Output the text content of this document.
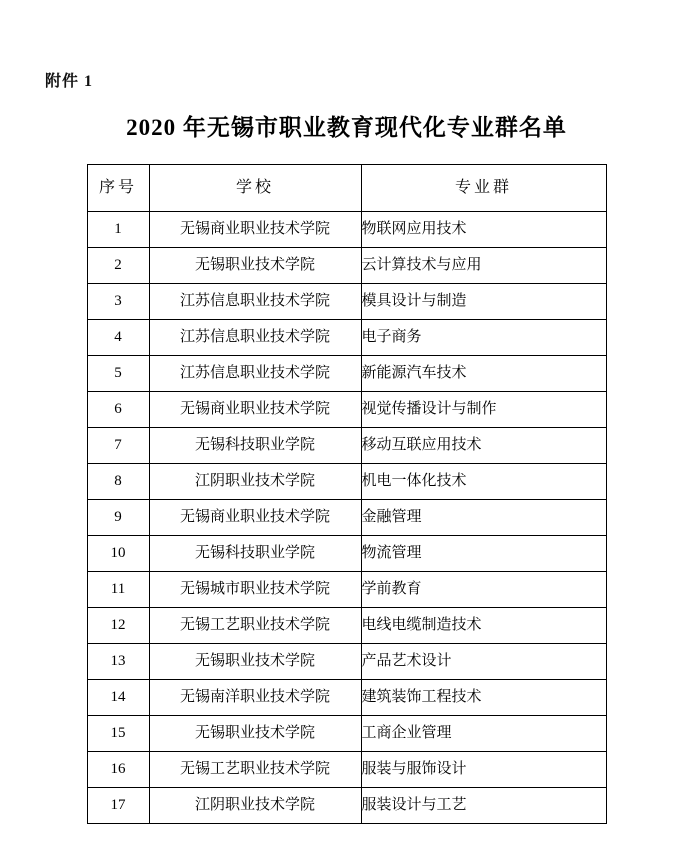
附件 1
2020 年无锡市职业教育现代化专业群名单
序号	学校	专业群
1	无锡商业职业技术学院	物联网应用技术
2	无锡职业技术学院	云计算技术与应用
3	江苏信息职业技术学院	模具设计与制造
4	江苏信息职业技术学院	电子商务
5	江苏信息职业技术学院	新能源汽车技术
6	无锡商业职业技术学院	视觉传播设计与制作
7	无锡科技职业学院	移动互联应用技术
8	江阴职业技术学院	机电一体化技术
9	无锡商业职业技术学院	金融管理
10	无锡科技职业学院	物流管理
11	无锡城市职业技术学院	学前教育
12	无锡工艺职业技术学院	电线电缆制造技术
13	无锡职业技术学院	产品艺术设计
14	无锡南洋职业技术学院	建筑装饰工程技术
15	无锡职业技术学院	工商企业管理
16	无锡工艺职业技术学院	服装与服饰设计
17	江阴职业技术学院	服装设计与工艺
